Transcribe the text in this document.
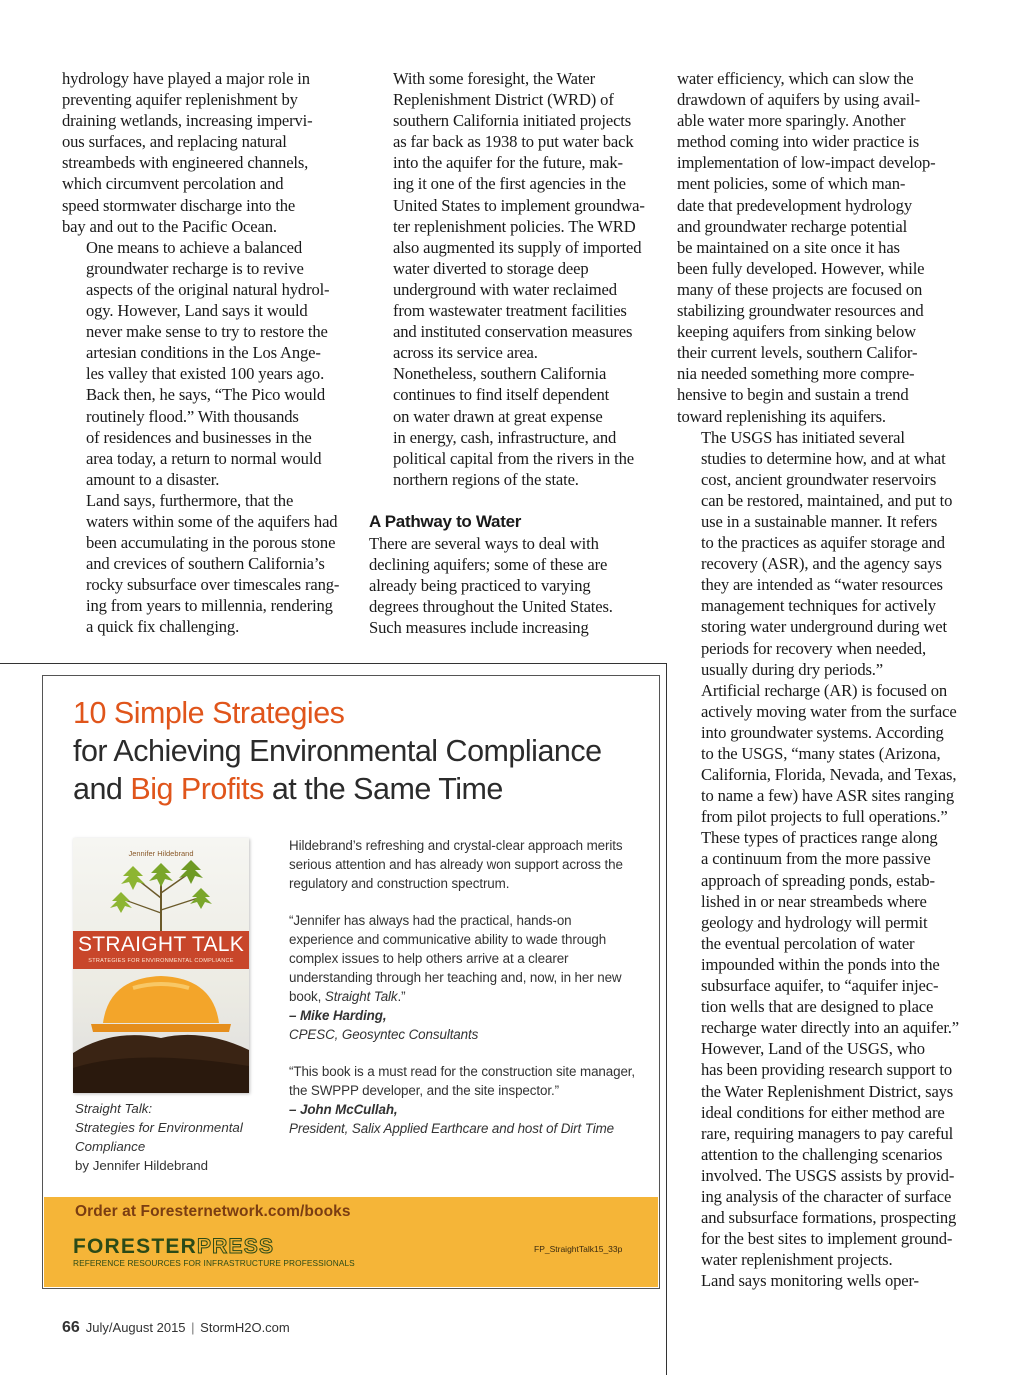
hydrology have played a major role in
preventing aquifer replenishment by
draining wetlands, increasing impervi-
ous surfaces, and replacing natural
streambeds with engineered channels,
which circumvent percolation and
speed stormwater discharge into the
bay and out to the Pacific Ocean.

One means to achieve a balanced
groundwater recharge is to revive
aspects of the original natural hydrol-
ogy. However, Land says it would
never make sense to try to restore the
artesian conditions in the Los Ange-
les valley that existed 100 years ago.
Back then, he says, “The Pico would
routinely flood.” With thousands
of residences and businesses in the
area today, a return to normal would
amount to a disaster.

Land says, furthermore, that the
waters within some of the aquifers had
been accumulating in the porous stone
and crevices of southern California’s
rocky subsurface over timescales rang-
ing from years to millennia, rendering
a quick fix challenging.

With some foresight, the Water
Replenishment District (WRD) of
southern California initiated projects
as far back as 1938 to put water back
into the aquifer for the future, mak-
ing it one of the first agencies in the
United States to implement groundwa-
ter replenishment policies. The WRD
also augmented its supply of imported
water diverted to storage deep
underground with water reclaimed
from wastewater treatment facilities
and instituted conservation measures
across its service area.

Nonetheless, southern California
continues to find itself dependent
on water drawn at great expense
in energy, cash, infrastructure, and
political capital from the rivers in the
northern regions of the state.

A Pathway to Water

There are several ways to deal with
declining aquifers; some of these are
already being practiced to varying
degrees throughout the United States.
Such measures include increasing

water efficiency, which can slow the
drawdown of aquifers by using avail-
able water more sparingly. Another
method coming into wider practice is
implementation of low-impact develop-
ment policies, some of which man-
date that predevelopment hydrology
and groundwater recharge potential
be maintained on a site once it has
been fully developed. However, while
many of these projects are focused on
stabilizing groundwater resources and
keeping aquifers from sinking below
their current levels, southern Califor-
nia needed something more compre-
hensive to begin and sustain a trend
toward replenishing its aquifers.

The USGS has initiated several
studies to determine how, and at what
cost, ancient groundwater reservoirs
can be restored, maintained, and put to
use in a sustainable manner. It refers
to the practices as aquifer storage and
recovery (ASR), and the agency says
they are intended as “water resources
management techniques for actively
storing water underground during wet
periods for recovery when needed,
usually during dry periods.”

Artificial recharge (AR) is focused on
actively moving water from the surface
into groundwater systems. According
to the USGS, “many states (Arizona,
California, Florida, Nevada, and Texas,
to name a few) have ASR sites ranging
from pilot projects to full operations.”
These types of practices range along
a continuum from the more passive
approach of spreading ponds, estab-
lished in or near streambeds where
geology and hydrology will permit
the eventual percolation of water
impounded within the ponds into the
subsurface aquifer, to “aquifer injec-
tion wells that are designed to place
recharge water directly into an aquifer.”

However, Land of the USGS, who
has been providing research support to
the Water Replenishment District, says
ideal conditions for either method are
rare, requiring managers to pay careful
attention to the challenging scenarios
involved. The USGS assists by provid-
ing analysis of the character of surface
and subsurface formations, prospecting
for the best sites to implement ground-
water replenishment projects.

Land says monitoring wells oper-

10 Simple Strategies
for Achieving Environmental Compliance
and Big Profits at the Same Time
Jennifer Hildebrand
STRAIGHT TALK
STRATEGIES FOR ENVIRONMENTAL COMPLIANCE
Straight Talk:
Strategies for Environmental
Compliance
by Jennifer Hildebrand
Hildebrand’s refreshing and crystal-clear approach merits serious attention and has already won support across the regulatory and construction spectrum.
“Jennifer has always had the practical, hands-on experience and communicative ability to wade through complex issues to help others arrive at a clearer understanding through her teaching and, now, in her new book, Straight Talk.”
– Mike Harding,
CPESC, Geosyntec Consultants
“This book is a must read for the construction site manager, the SWPPP developer, and the site inspector.”
– John McCullah,
President, Salix Applied Earthcare and host of Dirt Time
Order at Foresternetwork.com/books
FORESTERPRESS
REFERENCE RESOURCES FOR INFRASTRUCTURE PROFESSIONALS
FP_StraightTalk15_33p
66 July/August 2015 | StormH2O.com
